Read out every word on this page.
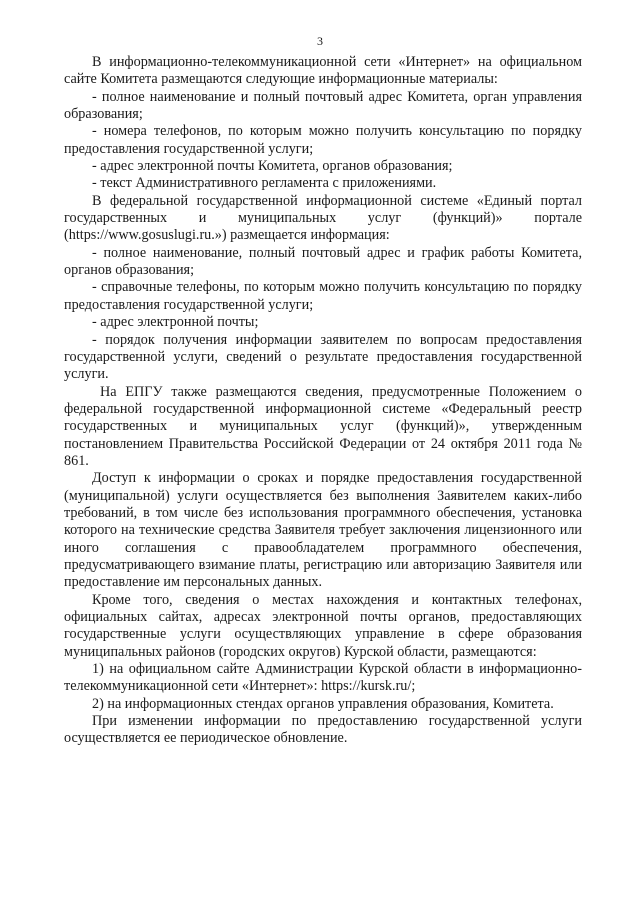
3

В информационно-телекоммуникационной сети «Интернет» на официальном сайте Комитета размещаются следующие информационные материалы:

- полное наименование и полный почтовый адрес Комитета, орган управления образования;

- номера телефонов, по которым можно получить консультацию по порядку предоставления государственной услуги;

- адрес электронной почты Комитета, органов образования;

- текст Административного регламента с приложениями.

В федеральной государственной информационной системе «Единый портал государственных и муниципальных услуг (функций)» портале (https://www.gosuslugi.ru.») размещается информация:

- полное наименование, полный почтовый адрес и график работы Комитета, органов образования;

- справочные телефоны, по которым можно получить консультацию по порядку предоставления государственной услуги;

- адрес электронной почты;

- порядок получения информации заявителем по вопросам предоставления государственной услуги, сведений о результате предоставления государственной услуги.

На ЕПГУ также размещаются сведения, предусмотренные Положением о федеральной государственной информационной системе «Федеральный реестр государственных и муниципальных услуг (функций)», утвержденным постановлением Правительства Российской Федерации от 24 октября 2011 года № 861.

Доступ к информации о сроках и порядке предоставления государственной (муниципальной) услуги осуществляется без выполнения Заявителем каких-либо требований, в том числе без использования программного обеспечения, установка которого на технические средства Заявителя требует заключения лицензионного или иного соглашения с правообладателем программного обеспечения, предусматривающего взимание платы, регистрацию или авторизацию Заявителя или предоставление им персональных данных.

Кроме того, сведения о местах нахождения и контактных телефонах, официальных сайтах, адресах электронной почты органов, предоставляющих государственные услуги осуществляющих управление в сфере образования муниципальных районов (городских округов) Курской области, размещаются:

1) на официальном сайте Администрации Курской области в информационно-телекоммуникационной сети «Интернет»: https://kursk.ru/;

2) на информационных стендах органов управления образования, Комитета.

При изменении информации по предоставлению государственной услуги осуществляется ее периодическое обновление.
